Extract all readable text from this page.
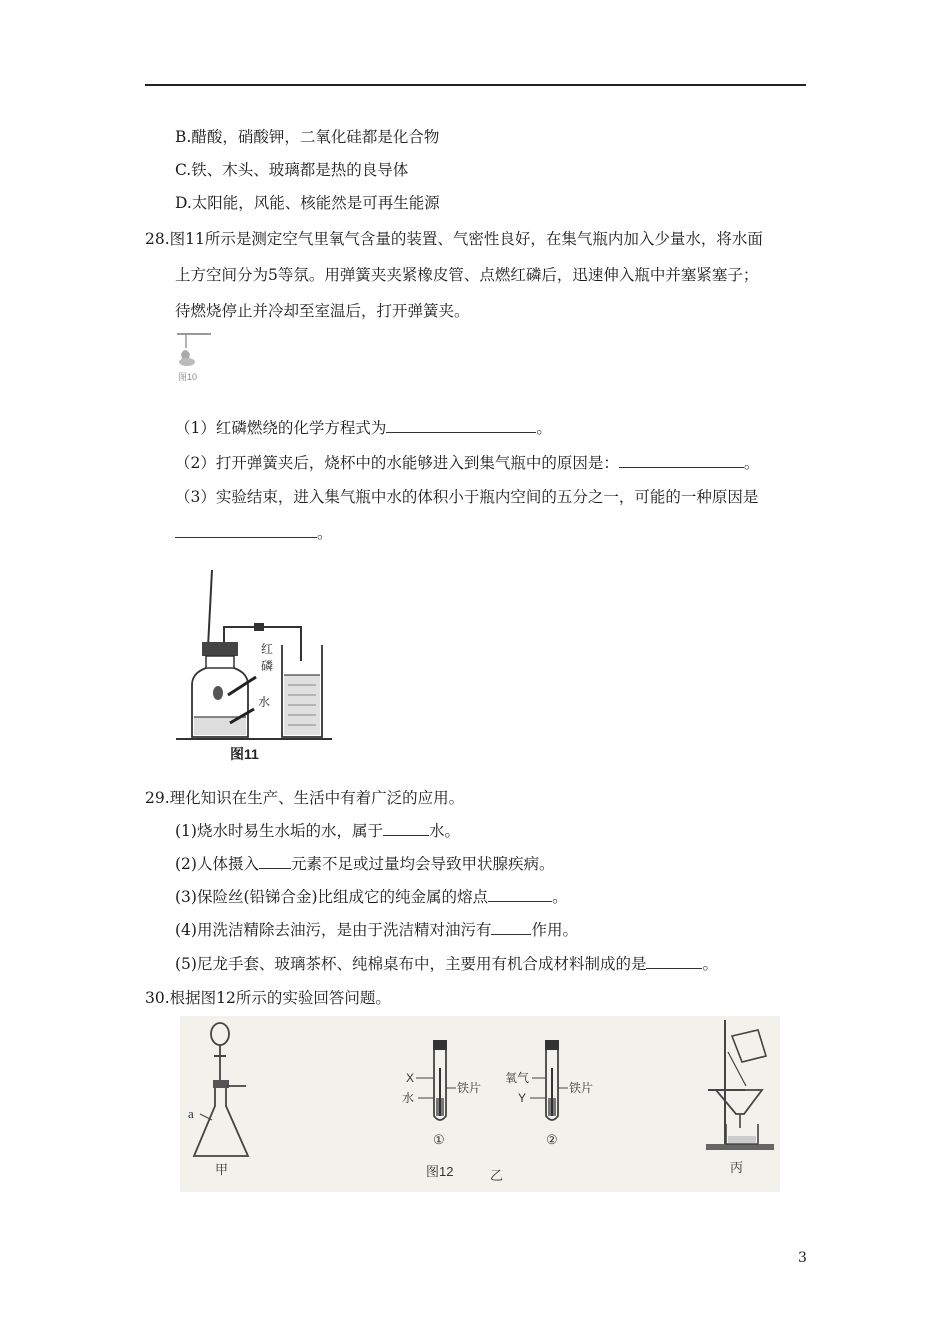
B.醋酸，硝酸钾，二氧化硅都是化合物
C.铁、木头、玻璃都是热的良导体
D.太阳能，风能、核能然是可再生能源
28.图11所示是测定空气里氧气含量的装置、气密性良好，在集气瓶内加入少量水，将水面
上方空间分为5等氛。用弹簧夹夹紧橡皮管、点燃红磷后，迅速伸入瓶中并塞紧塞子；
待燃烧停止并冷却至室温后，打开弹簧夹。
图10
（1）红磷燃绕的化学方程式为	。
（2）打开弹簧夹后，烧杯中的水能够进入到集气瓶中的原因是：	。
（3）实验结束，进入集气瓶中水的体积小于瓶内空间的五分之一，可能的一种原因是
。
红
磷
水
图11
29.理化知识在生产、生活中有着广泛的应用。
(1)烧水时易生水垢的水，属于	水。
(2)人体摄入 元素不足或过量均会导致甲状腺疾病。
(3)保险丝(铅锑合金)比组成它的纯金属的熔点	。
(4)用洗洁精除去油污，是由于洗洁精对油污有	作用。
(5)尼龙手套、玻璃茶杯、纯棉桌布中，主要用有机合成材料制成的是	。
30.根据图12所示的实验回答问题。
a
甲
X
水
铁片
①
氧气
Y
铁片
②
图12	乙
丙
3
